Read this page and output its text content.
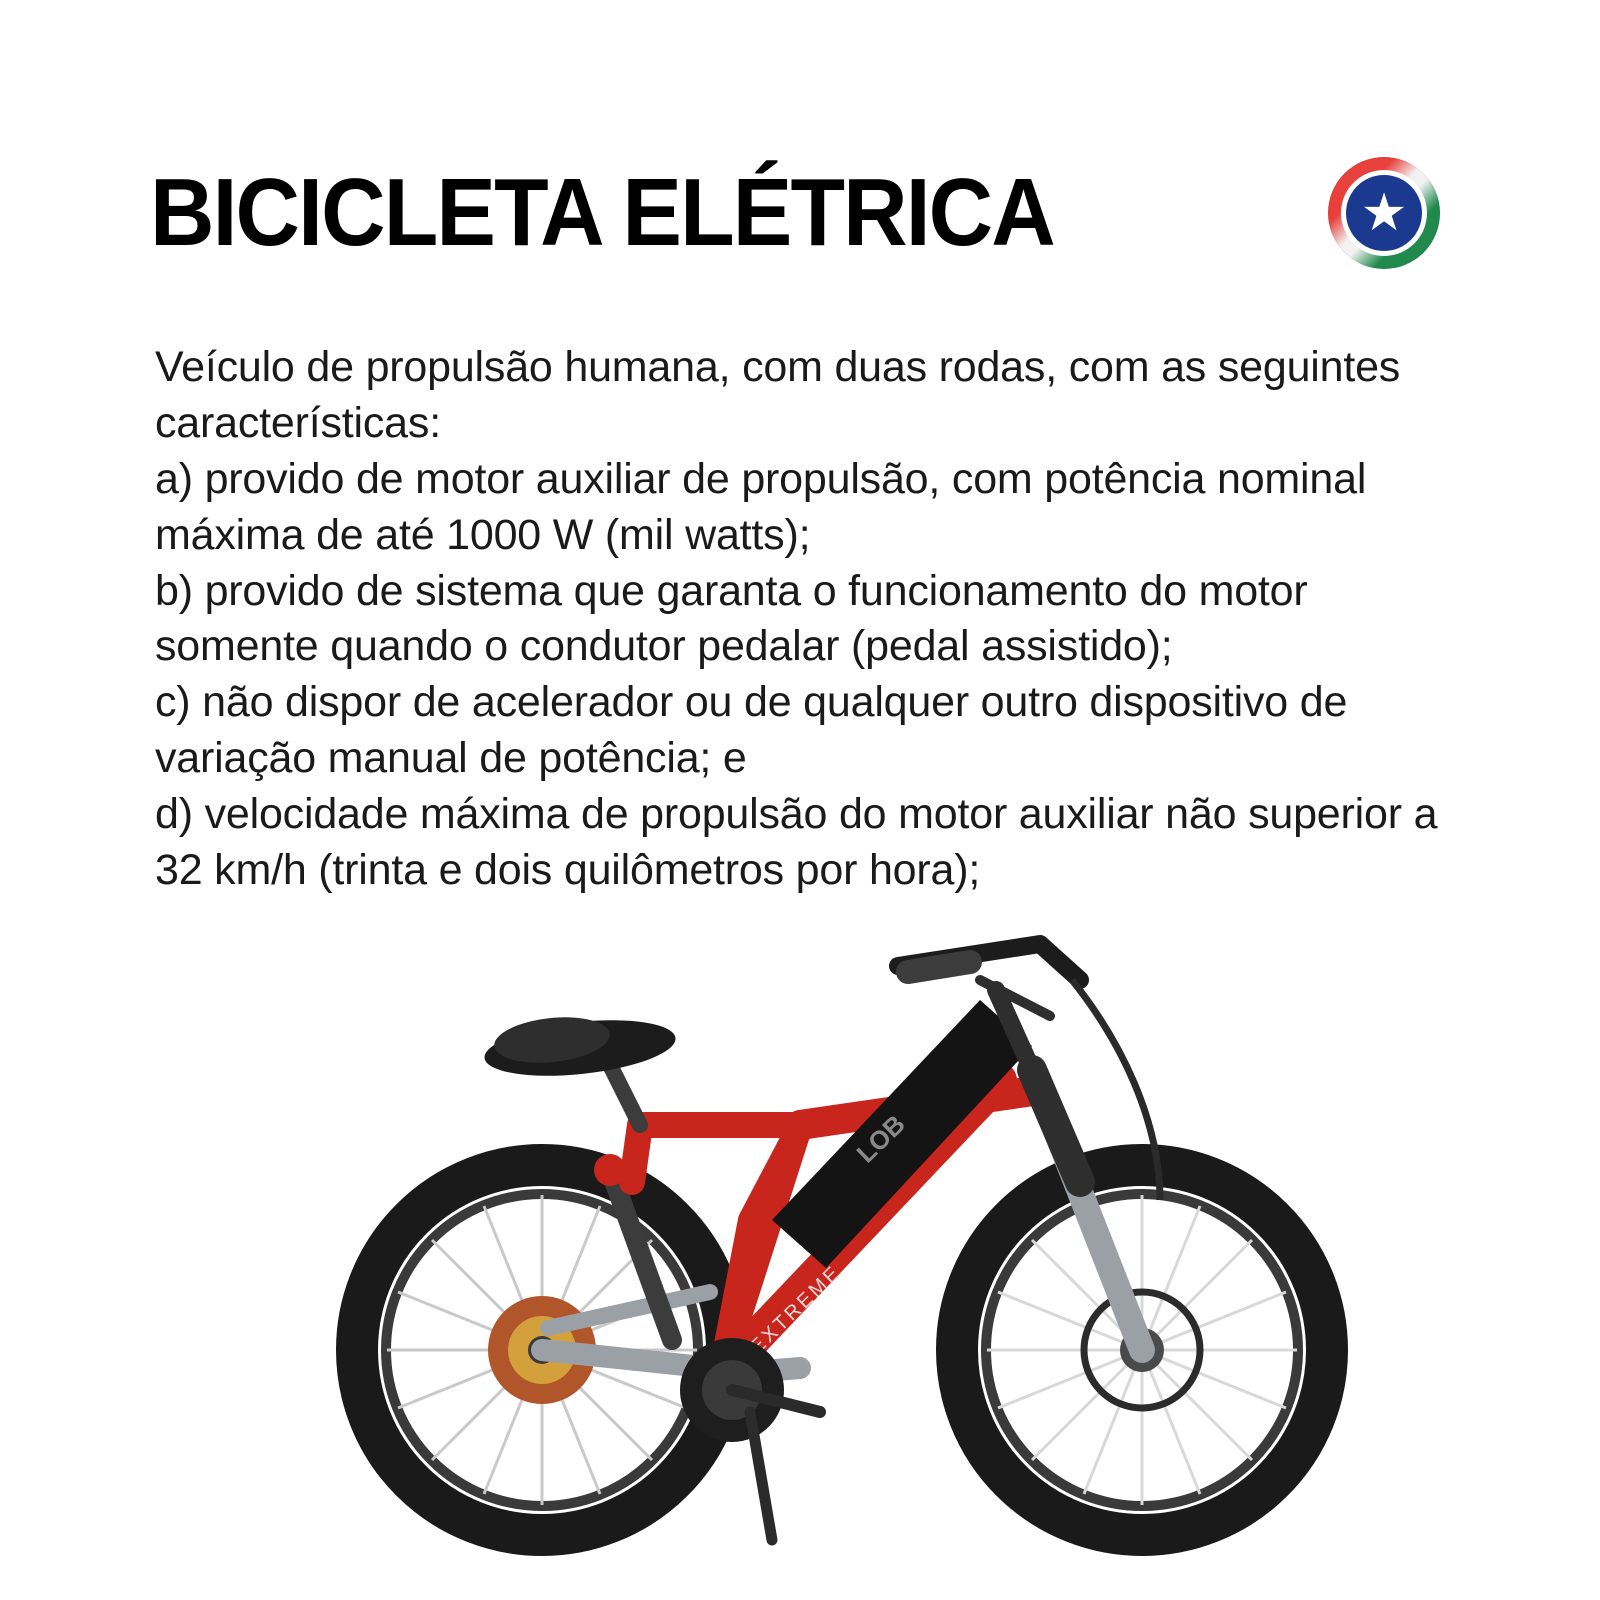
BICICLETA ELÉTRICA	★

Veículo de propulsão humana, com duas rodas, com as seguintes características:

a) provido de motor auxiliar de propulsão, com potência nominal máxima de até 1000 W (mil watts);

b) provido de sistema que garanta o funcionamento do motor somente quando o condutor pedalar (pedal assistido);

c) não dispor de acelerador ou de qualquer outro dispositivo de variação manual de potência; e

d) velocidade máxima de propulsão do motor auxiliar não superior a 32 km/h (trinta e dois quilômetros por hora);

LOB
EXTREME
